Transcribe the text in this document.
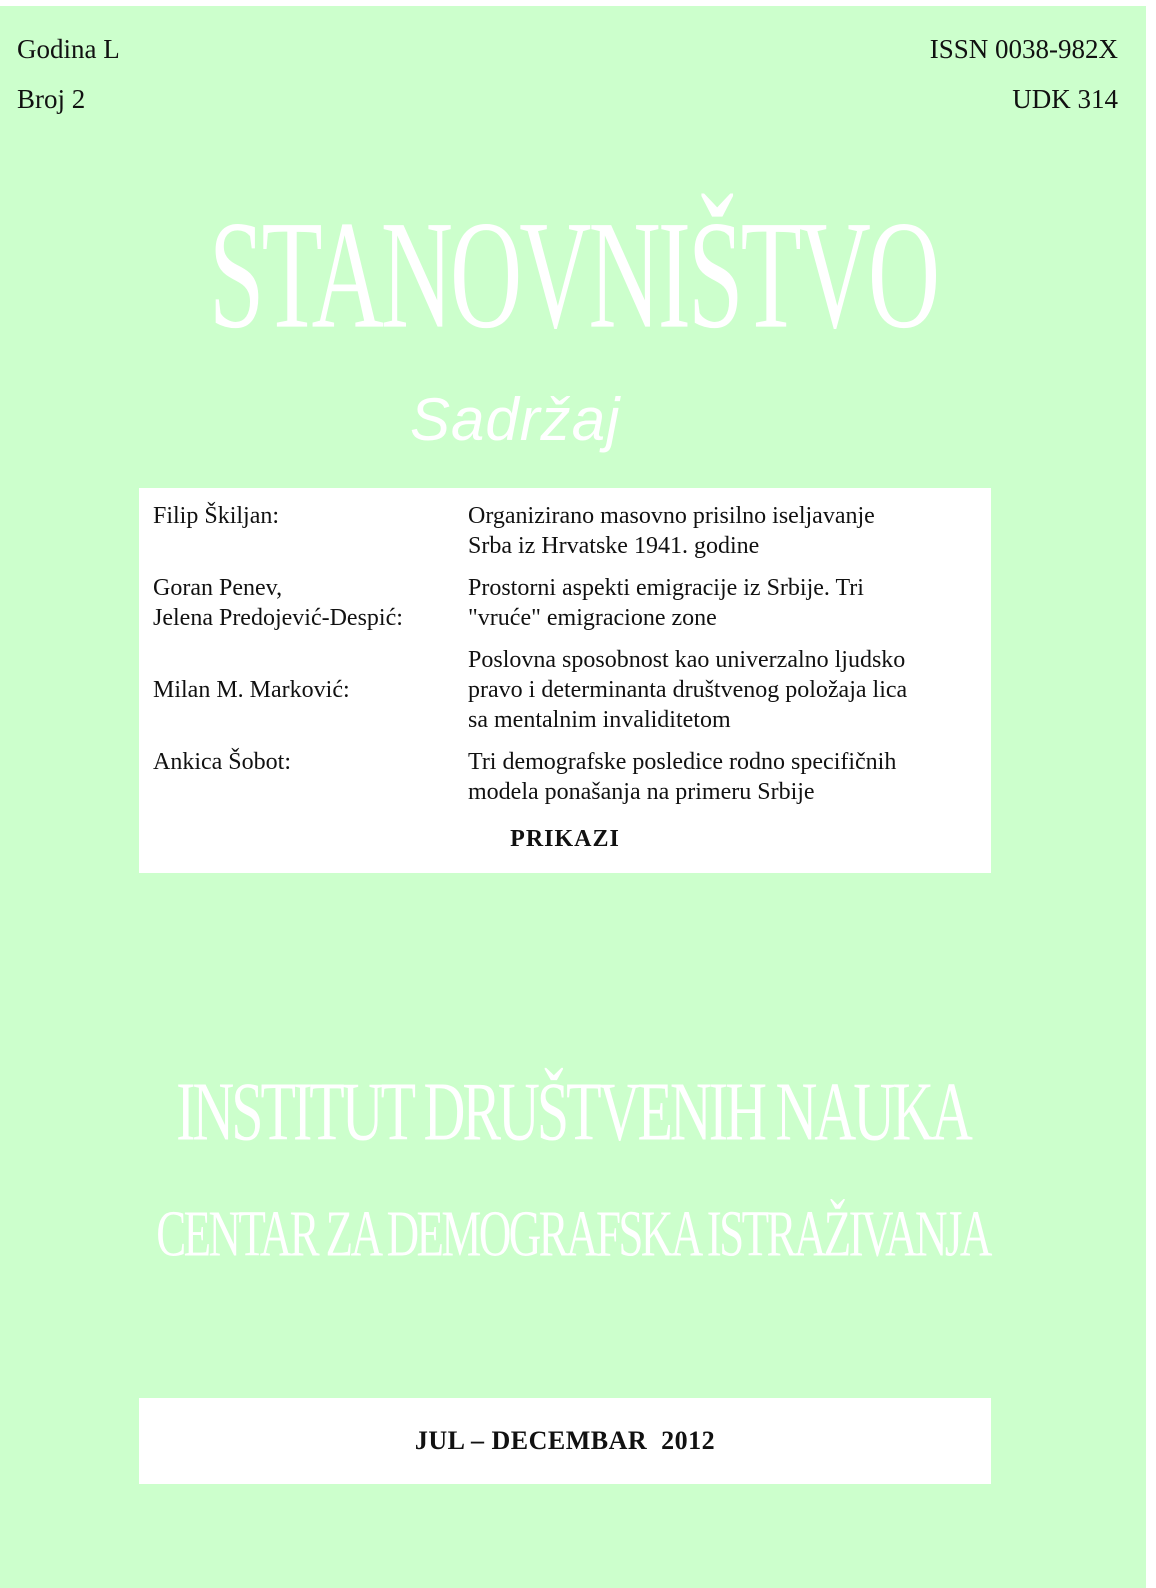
Godina L
Broj 2
ISSN 0038-982X
UDK 314
STANOVNIŠTVO
Sadržaj
Filip Škiljan:	Organizirano masovno prisilno iseljavanje
Srba iz Hrvatske 1941. godine
Goran Penev,
Jelena Predojević-Despić:
Prostorni aspekti emigracije iz Srbije. Tri
"vruće" emigracione zone
Milan M. Marković:
Poslovna sposobnost kao univerzalno ljudsko
pravo i determinanta društvenog položaja lica
sa mentalnim invaliditetom
Ankica Šobot:	Tri demografske posledice rodno specifičnih
modela ponašanja na primeru Srbije
PRIKAZI
INSTITUT DRUŠTVENIH NAUKA
CENTAR ZA DEMOGRAFSKA ISTRAŽIVANJA
JUL – DECEMBAR  2012
